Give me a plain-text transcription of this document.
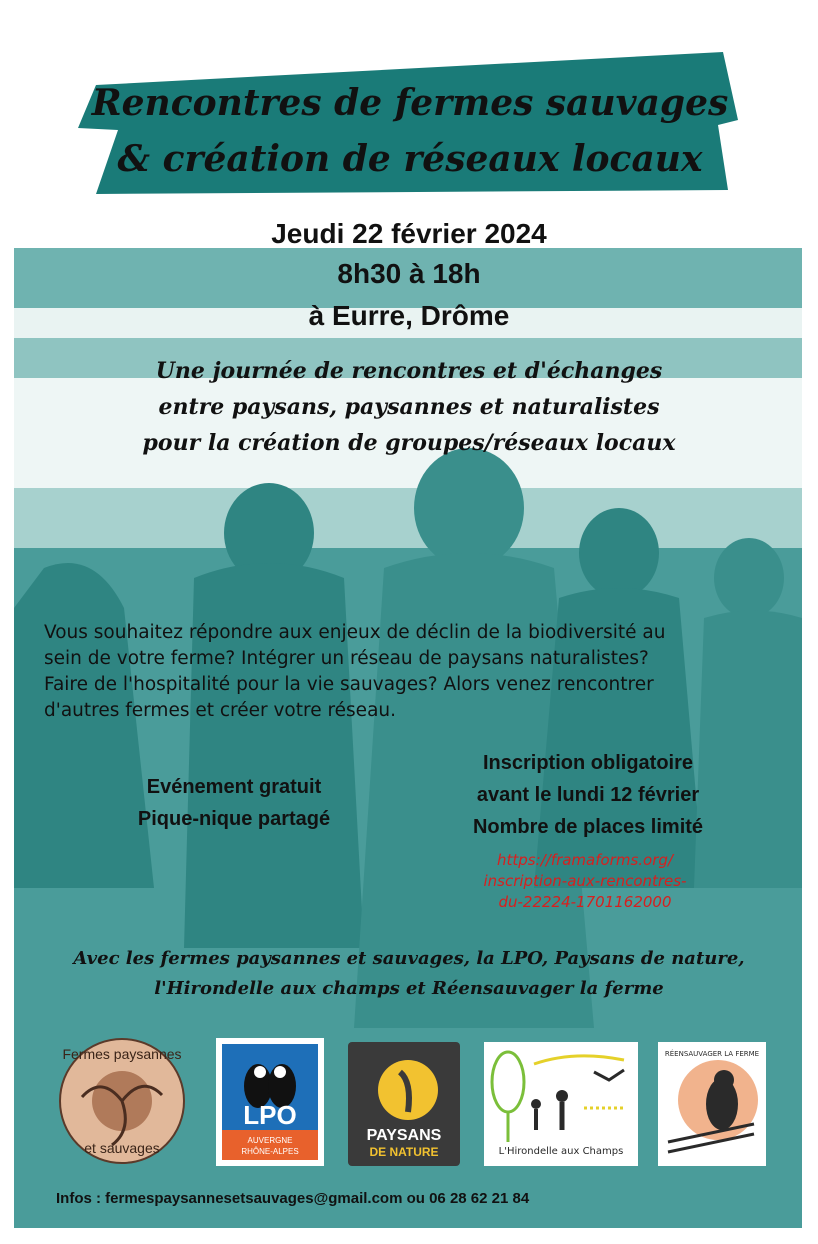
Rencontres de fermes sauvages
& création de réseaux locaux
Jeudi 22 février 2024
8h30 à 18h
à Eurre, Drôme
Une journée de rencontres et d'échanges
entre paysans, paysannes et naturalistes
pour la création de groupes/réseaux locaux
Vous souhaitez répondre aux enjeux de déclin de la biodiversité au
sein de votre ferme? Intégrer un réseau de paysans naturalistes?
Faire de l'hospitalité pour la vie sauvages? Alors venez rencontrer
d'autres fermes et créer votre réseau.
Evénement gratuit
Pique-nique partagé
Inscription obligatoire
avant le lundi 12 février
Nombre de places limité
https://framaforms.org/
inscription-aux-rencontres-
du-22224-1701162000
Avec les fermes paysannes et sauvages, la LPO, Paysans de nature,
l'Hirondelle aux champs et Réensauvager la ferme
Fermes paysannes
et sauvages
LPO
AUVERGNE
RHÔNE-ALPES
PAYSANS
DE NATURE	L'Hirondelle aux Champs
RÉENSAUVAGER LA FERME
Infos : fermespaysannesetsauvages@gmail.com ou 06 28 62 21 84
